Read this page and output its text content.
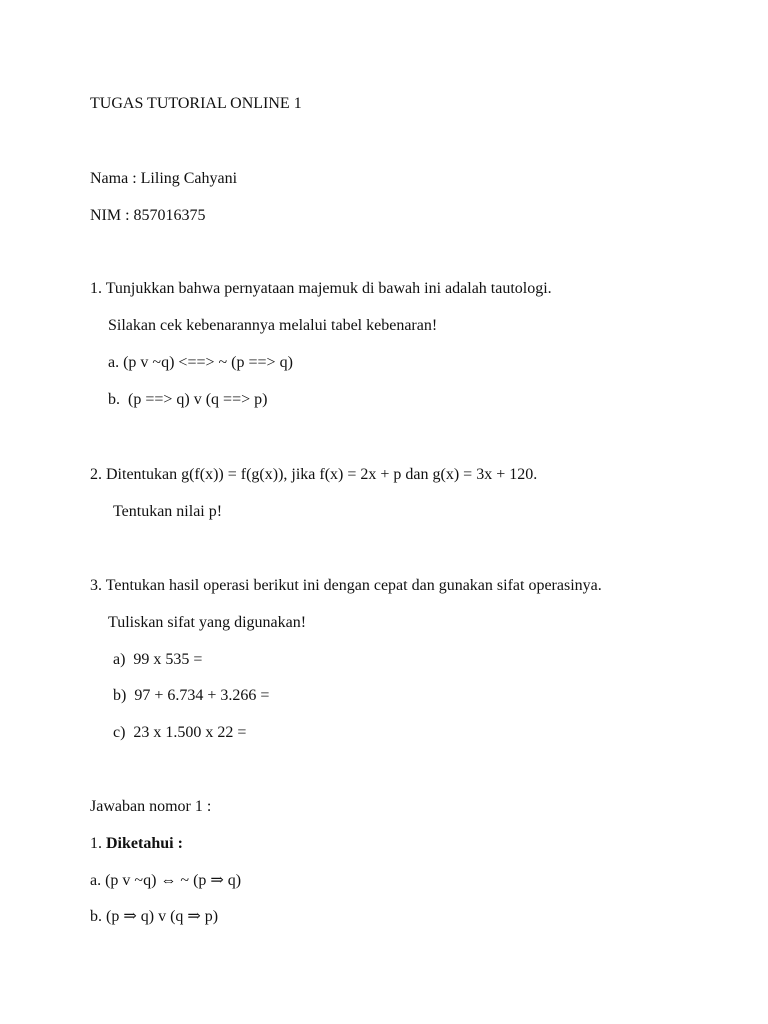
TUGAS TUTORIAL ONLINE 1
Nama : Liling Cahyani
NIM : 857016375
1. Tunjukkan bahwa pernyataan majemuk di bawah ini adalah tautologi.
Silakan cek kebenarannya melalui tabel kebenaran!
a. (p v ~q) <==> ~ (p ==> q)
b.  (p ==> q) v (q ==> p)
2. Ditentukan g(f(x)) = f(g(x)), jika f(x) = 2x + p dan g(x) = 3x + 120.
Tentukan nilai p!
3. Tentukan hasil operasi berikut ini dengan cepat dan gunakan sifat operasinya.
Tuliskan sifat yang digunakan!
a)  99 x 535 =
b)  97 + 6.734 + 3.266 =
c)  23 x 1.500 x 22 =
Jawaban nomor 1 :
1. Diketahui :
a. (p v ~q) ⇔ ~ (p ⇒ q)
b. (p ⇒ q) v (q ⇒ p)
